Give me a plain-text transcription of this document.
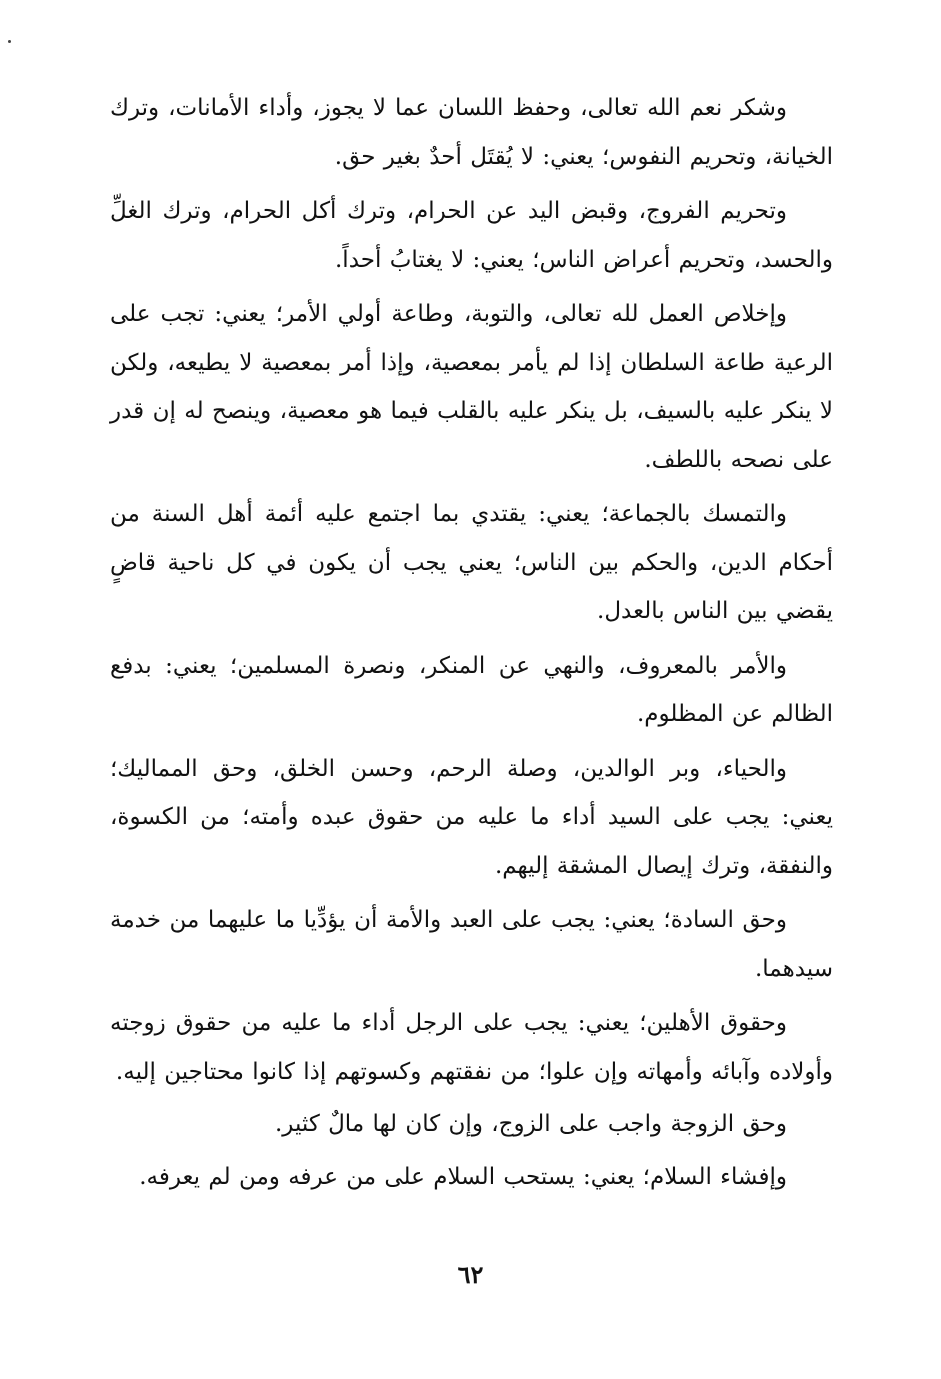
وشكر نعم الله تعالى، وحفظ اللسان عما لا يجوز، وأداء الأمانات، وترك الخيانة، وتحريم النفوس؛ يعني: لا يُقتَل أحدٌ بغير حق.

وتحريم الفروج، وقبض اليد عن الحرام، وترك أكل الحرام، وترك الغلِّ والحسد، وتحريم أعراض الناس؛ يعني: لا يغتابُ أحداً.

وإخلاص العمل لله تعالى، والتوبة، وطاعة أولي الأمر؛ يعني: تجب على الرعية طاعة السلطان إذا لم يأمر بمعصية، وإذا أمر بمعصية لا يطيعه، ولكن لا ينكر عليه بالسيف، بل ينكر عليه بالقلب فيما هو معصية، وينصح له إن قدر على نصحه باللطف.

والتمسك بالجماعة؛ يعني: يقتدي بما اجتمع عليه أئمة أهل السنة من أحكام الدين، والحكم بين الناس؛ يعني يجب أن يكون في كل ناحية قاضٍ يقضي بين الناس بالعدل.

والأمر بالمعروف، والنهي عن المنكر، ونصرة المسلمين؛ يعني: بدفع الظالم عن المظلوم.

والحياء، وبر الوالدين، وصلة الرحم، وحسن الخلق، وحق المماليك؛ يعني: يجب على السيد أداء ما عليه من حقوق عبده وأمته؛ من الكسوة، والنفقة، وترك إيصال المشقة إليهم.

وحق السادة؛ يعني: يجب على العبد والأمة أن يؤدِّيا ما عليهما من خدمة سيدهما.

وحقوق الأهلين؛ يعني: يجب على الرجل أداء ما عليه من حقوق زوجته وأولاده وآبائه وأمهاته وإن علوا؛ من نفقتهم وكسوتهم إذا كانوا محتاجين إليه.

وحق الزوجة واجب على الزوج، وإن كان لها مالٌ كثير.

وإفشاء السلام؛ يعني: يستحب السلام على من عرفه ومن لم يعرفه.

٦٢
